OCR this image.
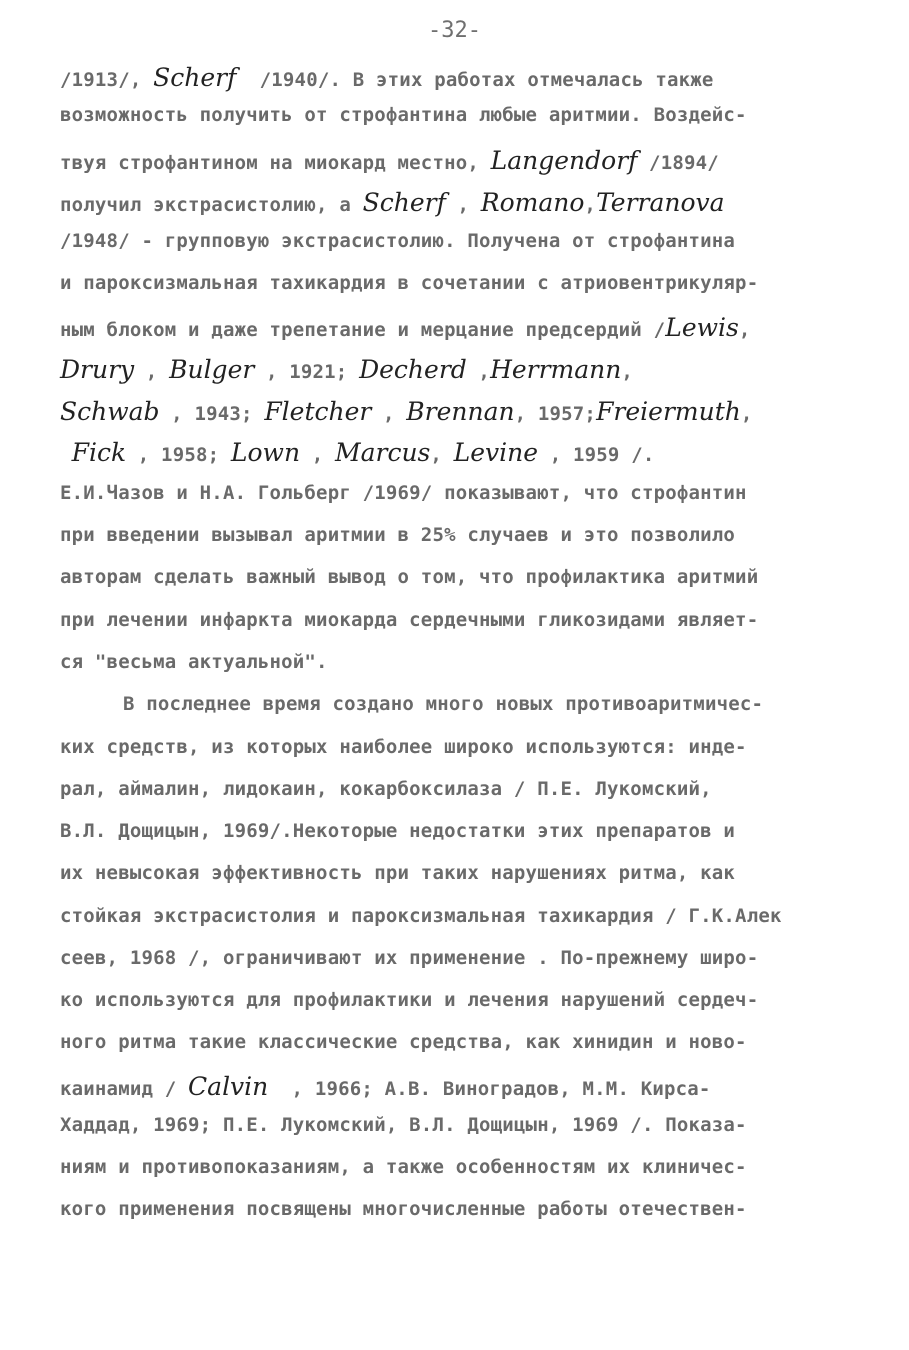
-32-
/1913/, Scherf  /1940/. В этих работах отмечалась также
возможность получить от строфантина любые аритмии. Воздейс-
твуя строфантином на миокард местно, Langendorf /1894/
получил экстрасистолию, а Scherf , Romano,Terranova
/1948/ - групповую экстрасистолию. Получена от строфантина
и пароксизмальная тахикардия в сочетании с атриовентрикуляр-
ным блоком и даже трепетание и мерцание предсердий /Lewis,
Drury , Bulger , 1921; Decherd ,Herrmann,
Schwab , 1943; Fletcher , Brennan, 1957;Freiermuth,
Fick , 1958; Lown , Marcus, Levine , 1959 /.
Е.И.Чазов и Н.А. Гольберг /1969/ показывают, что строфантин
при введении вызывал аритмии в 25% случаев и это позволило
авторам сделать важный вывод о том, что профилактика аритмий
при лечении инфаркта миокарда сердечными гликозидами являет-
ся "весьма актуальной".
В последнее время создано много новых противоаритмичес-
ких средств, из которых наиболее широко используются: инде-
рал, аймалин, лидокаин, кокарбоксилаза / П.Е. Лукомский,
В.Л. Дощицын, 1969/.Некоторые недостатки этих препаратов и
их невысокая эффективность при таких нарушениях ритма, как
стойкая экстрасистолия и пароксизмальная тахикардия / Г.К.Алек
сеев, 1968 /, ограничивают их применение . По-прежнему широ-
ко используются для профилактики и лечения нарушений сердеч-
ного ритма такие классические средства, как хинидин и ново-
каинамид / Calvin  , 1966; А.В. Виноградов, М.М. Кирса-
Хаддад, 1969; П.Е. Лукомский, В.Л. Дощицын, 1969 /. Показа-
ниям и противопоказаниям, а также особенностям их клиничес-
кого применения посвящены многочисленные работы отечествен-
